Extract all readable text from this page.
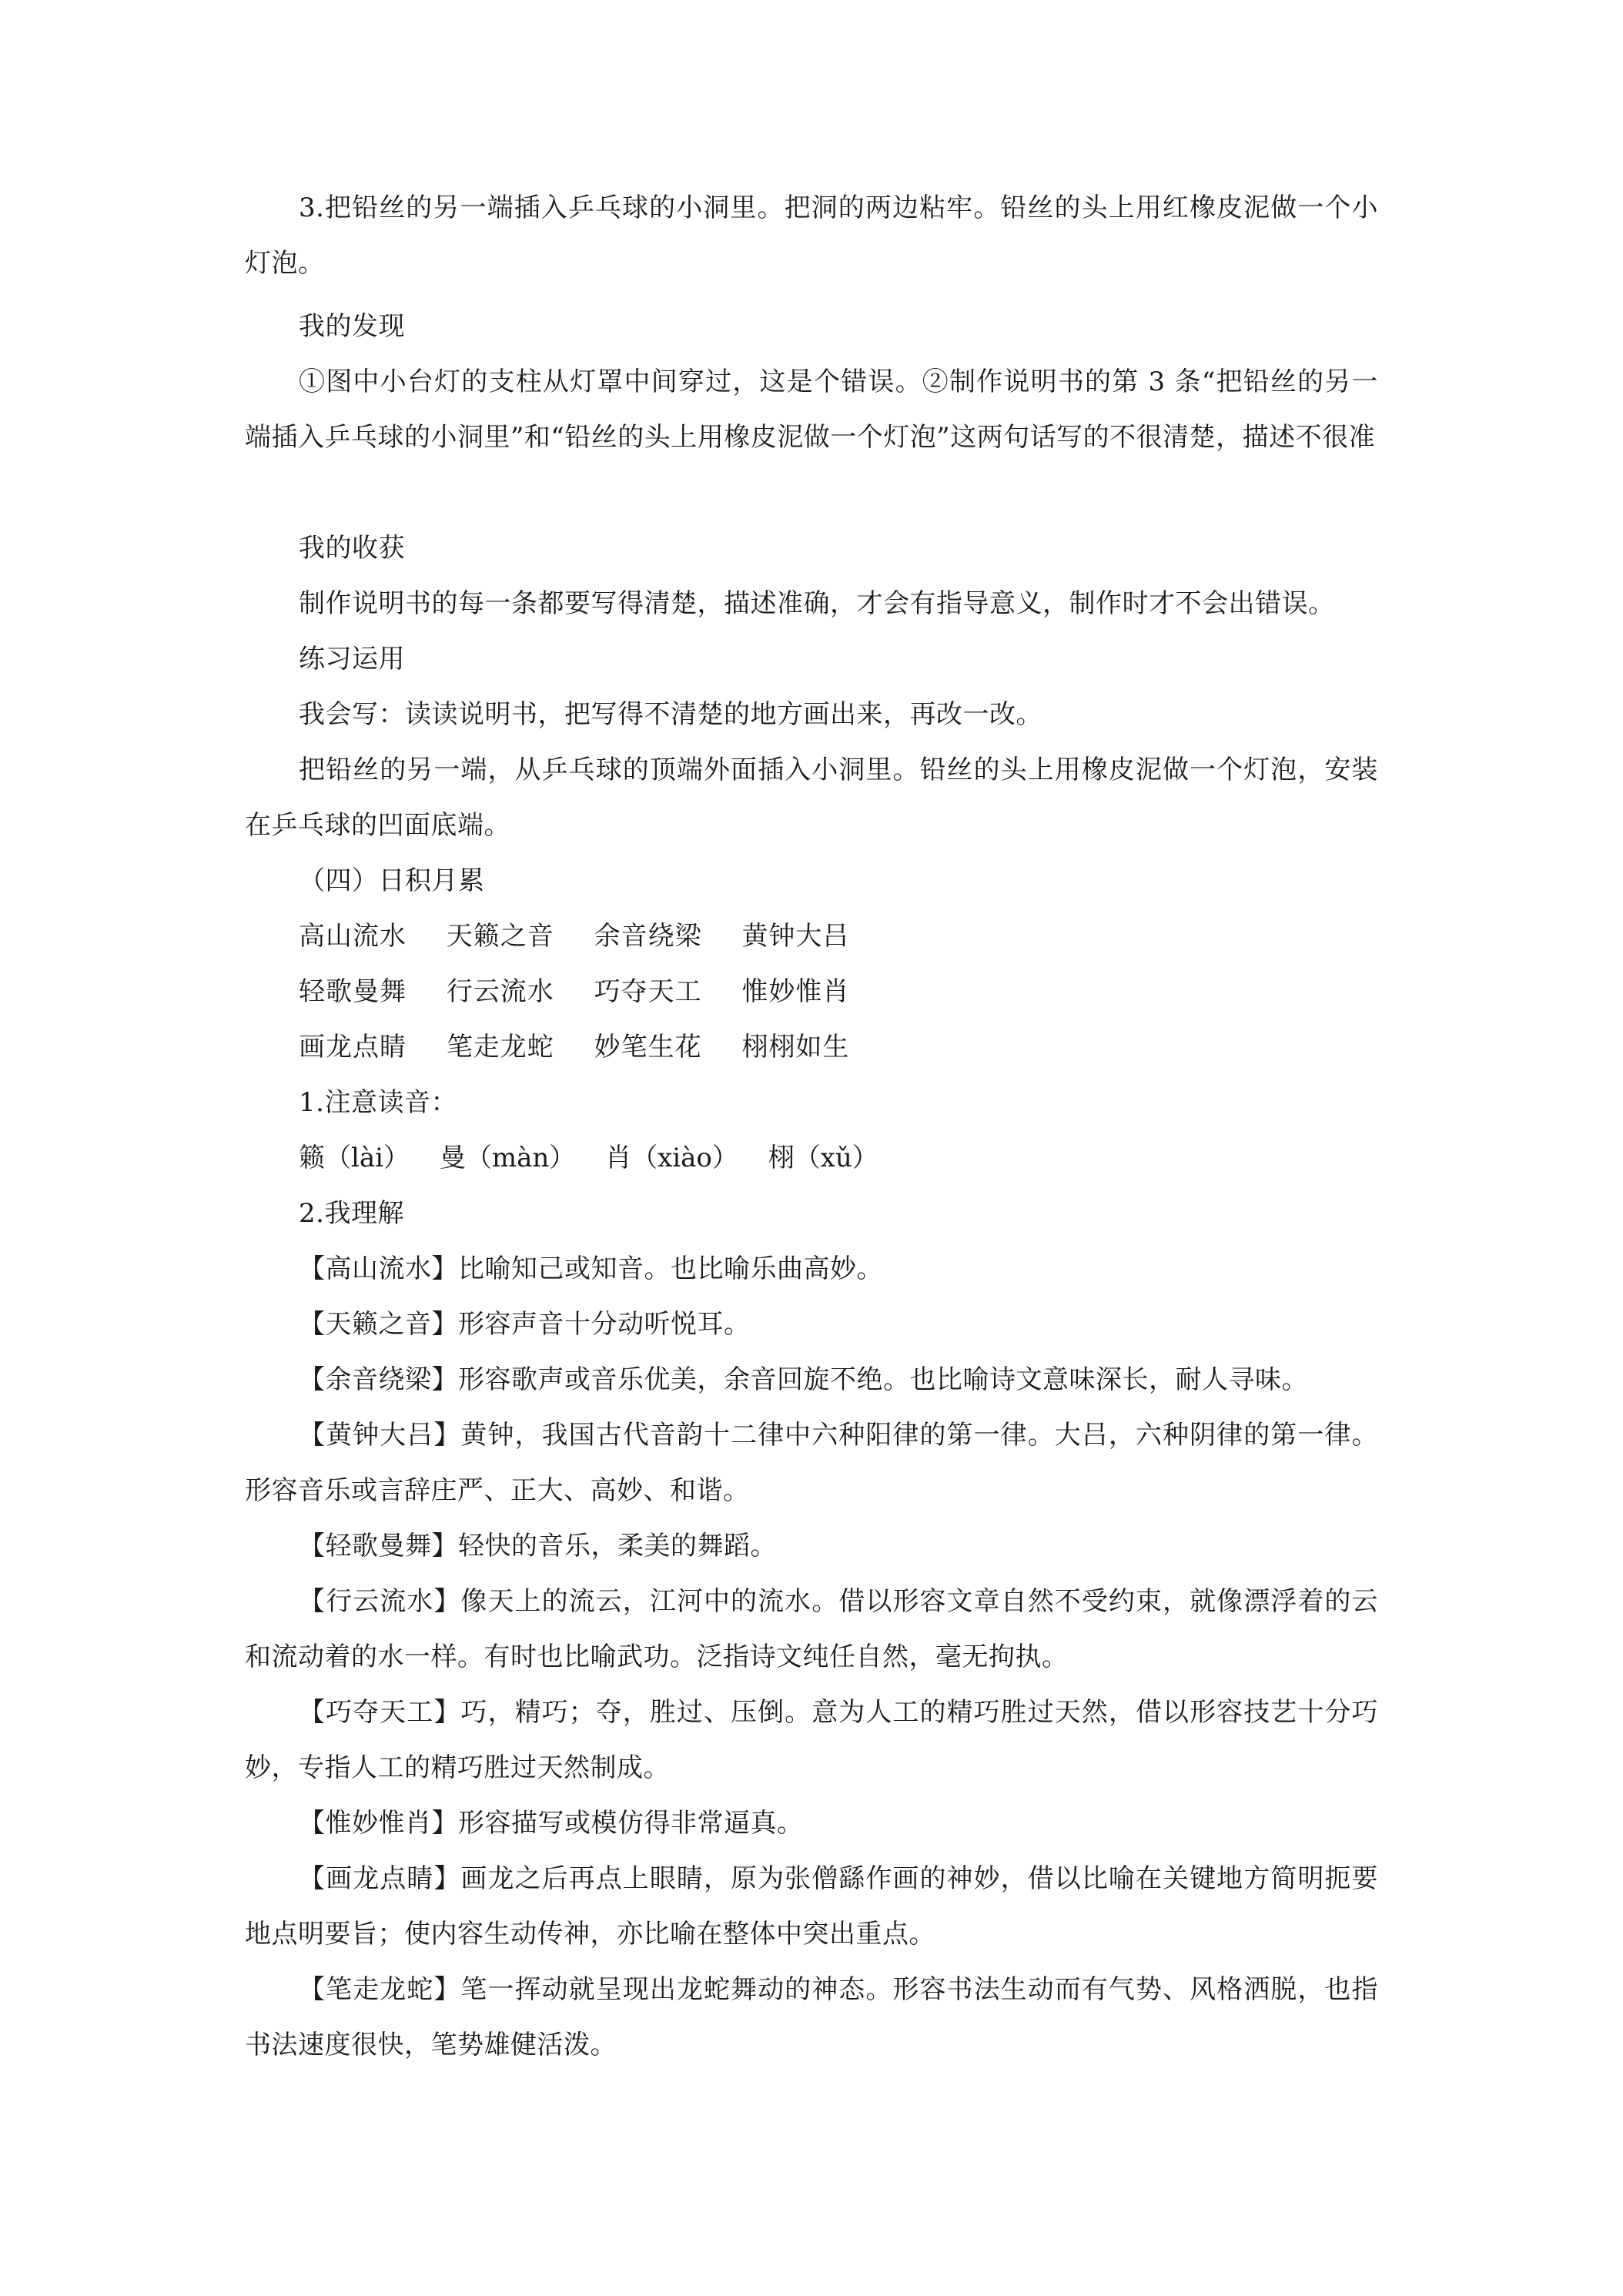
3.把铅丝的另一端插入乒乓球的小洞里。把洞的两边粘牢。铅丝的头上用红橡皮泥做一个小灯泡。
我的发现
①图中小台灯的支柱从灯罩中间穿过，这是个错误。②制作说明书的第 3 条“把铅丝的另一端插入乒乓球的小洞里”和“铅丝的头上用橡皮泥做一个灯泡”这两句话写的不很清楚，描述不很准
我的收获
制作说明书的每一条都要写得清楚，描述准确，才会有指导意义，制作时才不会出错误。
练习运用
我会写：读读说明书，把写得不清楚的地方画出来，再改一改。
把铅丝的另一端，从乒乓球的顶端外面插入小洞里。铅丝的头上用橡皮泥做一个灯泡，安装在乒乓球的凹面底端。
（四）日积月累
高山流水 天籁之音 余音绕梁 黄钟大吕
轻歌曼舞 行云流水 巧夺天工 惟妙惟肖
画龙点睛 笔走龙蛇 妙笔生花 栩栩如生
1.注意读音：
籁（lài） 曼（màn） 肖（xiào） 栩（xǔ）
2.我理解
【高山流水】比喻知己或知音。也比喻乐曲高妙。
【天籁之音】形容声音十分动听悦耳。
【余音绕梁】形容歌声或音乐优美，余音回旋不绝。也比喻诗文意味深长，耐人寻味。
【黄钟大吕】黄钟，我国古代音韵十二律中六种阳律的第一律。大吕，六种阴律的第一律。形容音乐或言辞庄严、正大、高妙、和谐。
【轻歌曼舞】轻快的音乐，柔美的舞蹈。
【行云流水】像天上的流云，江河中的流水。借以形容文章自然不受约束，就像漂浮着的云和流动着的水一样。有时也比喻武功。泛指诗文纯任自然，毫无拘执。
【巧夺天工】巧，精巧；夺，胜过、压倒。意为人工的精巧胜过天然，借以形容技艺十分巧妙，专指人工的精巧胜过天然制成。
【惟妙惟肖】形容描写或模仿得非常逼真。
【画龙点睛】画龙之后再点上眼睛，原为张僧繇作画的神妙，借以比喻在关键地方简明扼要地点明要旨；使内容生动传神，亦比喻在整体中突出重点。
【笔走龙蛇】笔一挥动就呈现出龙蛇舞动的神态。形容书法生动而有气势、风格洒脱，也指书法速度很快，笔势雄健活泼。
